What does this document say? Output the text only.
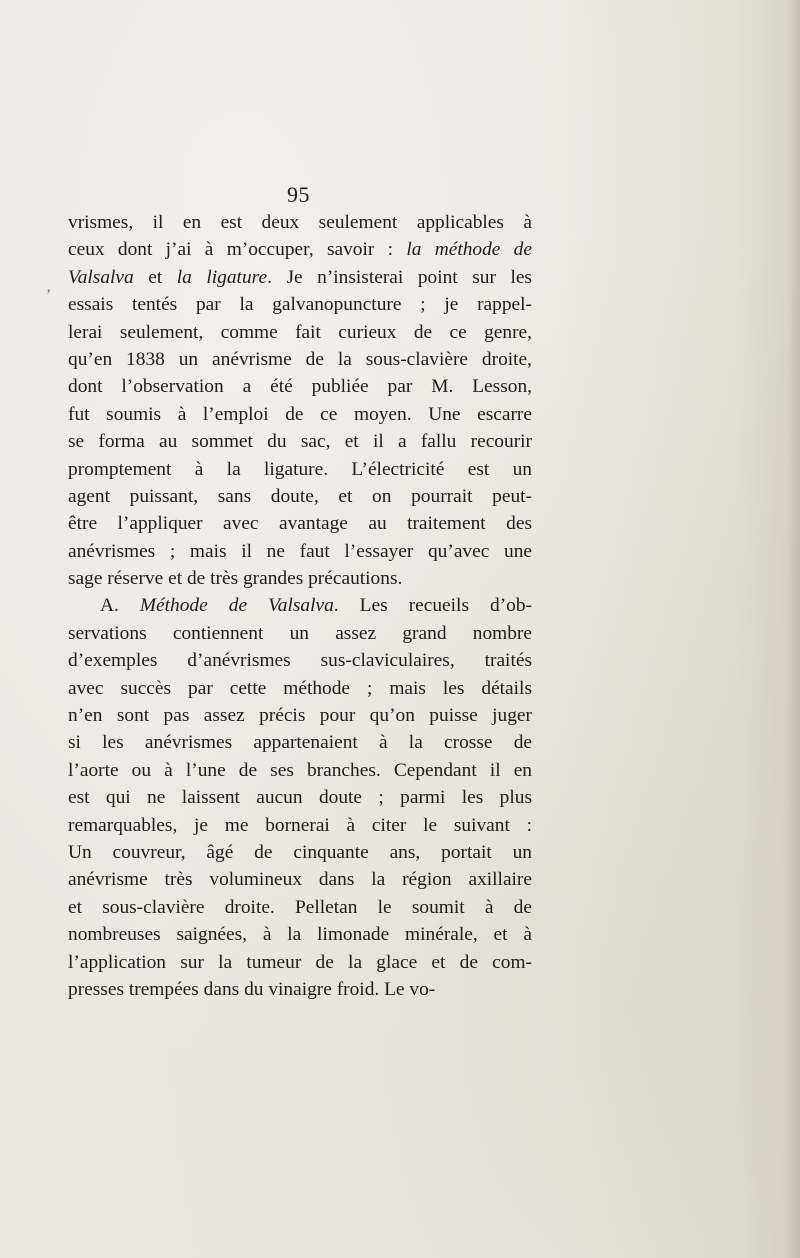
95
‚
vrismes, il en est deux seulement applicables à
ceux dont j’ai à m’occuper, savoir : la méthode de
Valsalva et la ligature. Je n’insisterai point sur les
essais tentés par la galvanopuncture ; je rappel-
lerai seulement, comme fait curieux de ce genre,
qu’en 1838 un anévrisme de la sous-clavière droite,
dont l’observation a été publiée par M. Lesson,
fut soumis à l’emploi de ce moyen. Une escarre
se forma au sommet du sac, et il a fallu recourir
promptement à la ligature. L’électricité est un
agent puissant, sans doute, et on pourrait peut-
être l’appliquer avec avantage au traitement des
anévrismes ; mais il ne faut l’essayer qu’avec une
sage réserve et de très grandes précautions.
A. Méthode de Valsalva. Les recueils d’ob-
servations contiennent un assez grand nombre
d’exemples d’anévrismes sus-claviculaires, traités
avec succès par cette méthode ; mais les détails
n’en sont pas assez précis pour qu’on puisse juger
si les anévrismes appartenaient à la crosse de
l’aorte ou à l’une de ses branches. Cependant il en
est qui ne laissent aucun doute ; parmi les plus
remarquables, je me bornerai à citer le suivant :
Un couvreur, âgé de cinquante ans, portait un
anévrisme très volumineux dans la région axillaire
et sous-clavière droite. Pelletan le soumit à de
nombreuses saignées, à la limonade minérale, et à
l’application sur la tumeur de la glace et de com-
presses trempées dans du vinaigre froid. Le vo-
